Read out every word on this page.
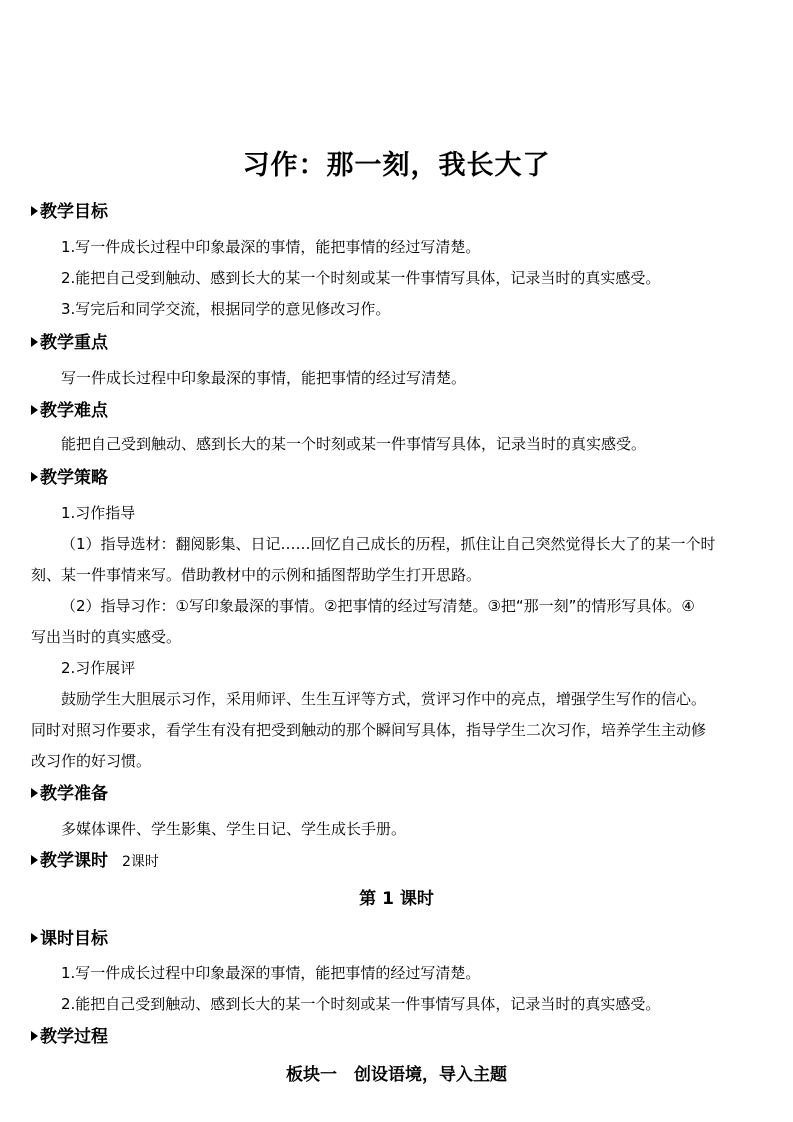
习作：那一刻，我长大了
教学目标
1.写一件成长过程中印象最深的事情，能把事情的经过写清楚。
2.能把自己受到触动、感到长大的某一个时刻或某一件事情写具体，记录当时的真实感受。
3.写完后和同学交流，根据同学的意见修改习作。
教学重点
写一件成长过程中印象最深的事情，能把事情的经过写清楚。
教学难点
能把自己受到触动、感到长大的某一个时刻或某一件事情写具体，记录当时的真实感受。
教学策略
1.习作指导
（1）指导选材：翻阅影集、日记……回忆自己成长的历程，抓住让自己突然觉得长大了的某一个时
刻、某一件事情来写。借助教材中的示例和插图帮助学生打开思路。
（2）指导习作：①写印象最深的事情。②把事情的经过写清楚。③把“那一刻”的情形写具体。④
写出当时的真实感受。
2.习作展评
鼓励学生大胆展示习作，采用师评、生生互评等方式，赏评习作中的亮点，增强学生写作的信心。
同时对照习作要求，看学生有没有把受到触动的那个瞬间写具体，指导学生二次习作，培养学生主动修
改习作的好习惯。
教学准备
多媒体课件、学生影集、学生日记、学生成长手册。
教学课时 2课时
第 1 课时
课时目标
1.写一件成长过程中印象最深的事情，能把事情的经过写清楚。
2.能把自己受到触动、感到长大的某一个时刻或某一件事情写具体，记录当时的真实感受。
教学过程
板块一　创设语境，导入主题
